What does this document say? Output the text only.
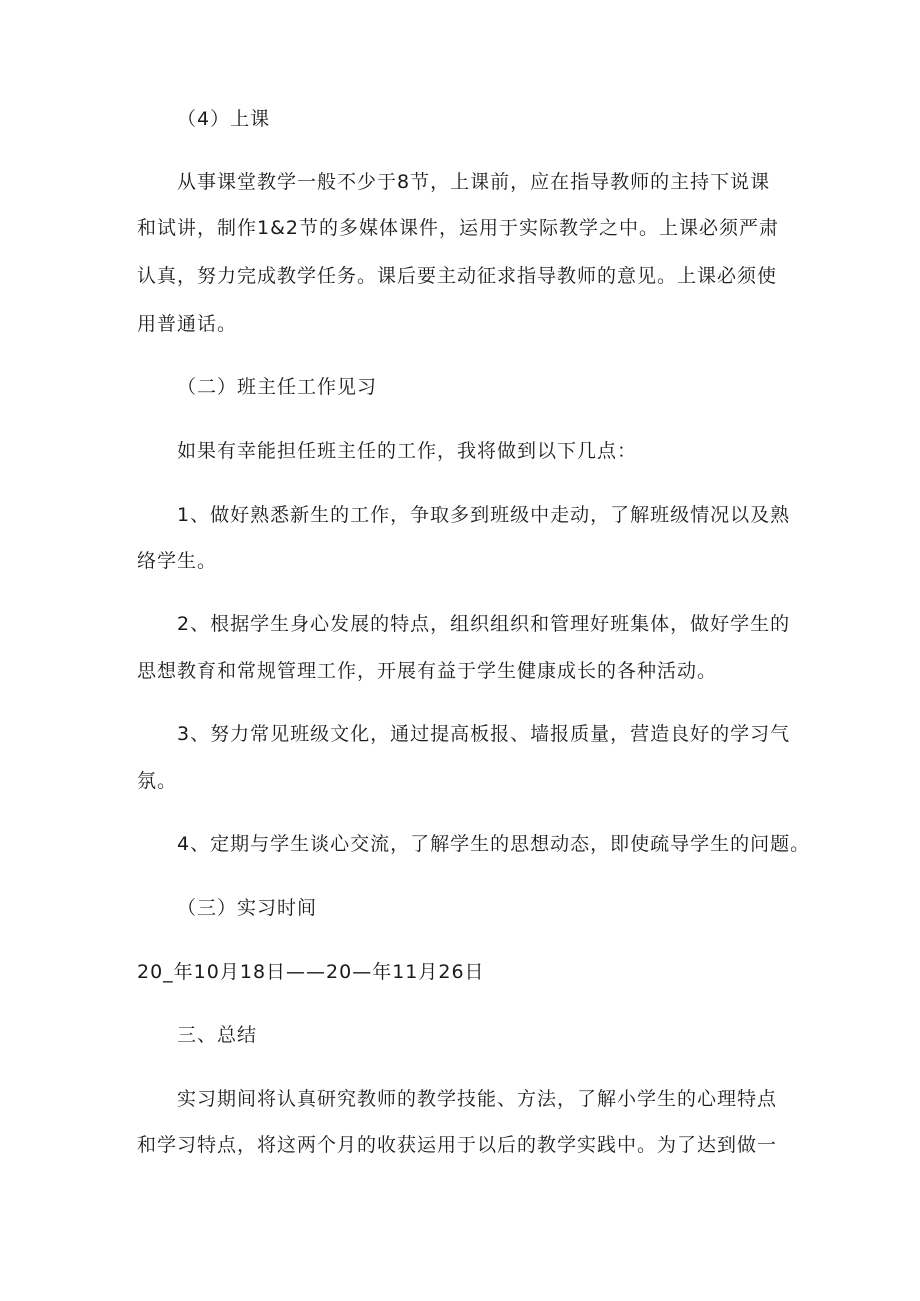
（4）上课
从事课堂教学一般不少于8节，上课前，应在指导教师的主持下说课
和试讲，制作1&2节的多媒体课件，运用于实际教学之中。上课必须严肃
认真，努力完成教学任务。课后要主动征求指导教师的意见。上课必须使
用普通话。
（二）班主任工作见习
如果有幸能担任班主任的工作，我将做到以下几点：
1、做好熟悉新生的工作，争取多到班级中走动，了解班级情况以及熟
络学生。
2、根据学生身心发展的特点，组织组织和管理好班集体，做好学生的
思想教育和常规管理工作，开展有益于学生健康成长的各种活动。
3、努力常见班级文化，通过提高板报、墙报质量，营造良好的学习气
氛。
4、定期与学生谈心交流，了解学生的思想动态，即使疏导学生的问题。
（三）实习时间
20_年10月18日——20—年11月26日
三、总结
实习期间将认真研究教师的教学技能、方法，了解小学生的心理特点
和学习特点，将这两个月的收获运用于以后的教学实践中。为了达到做一
